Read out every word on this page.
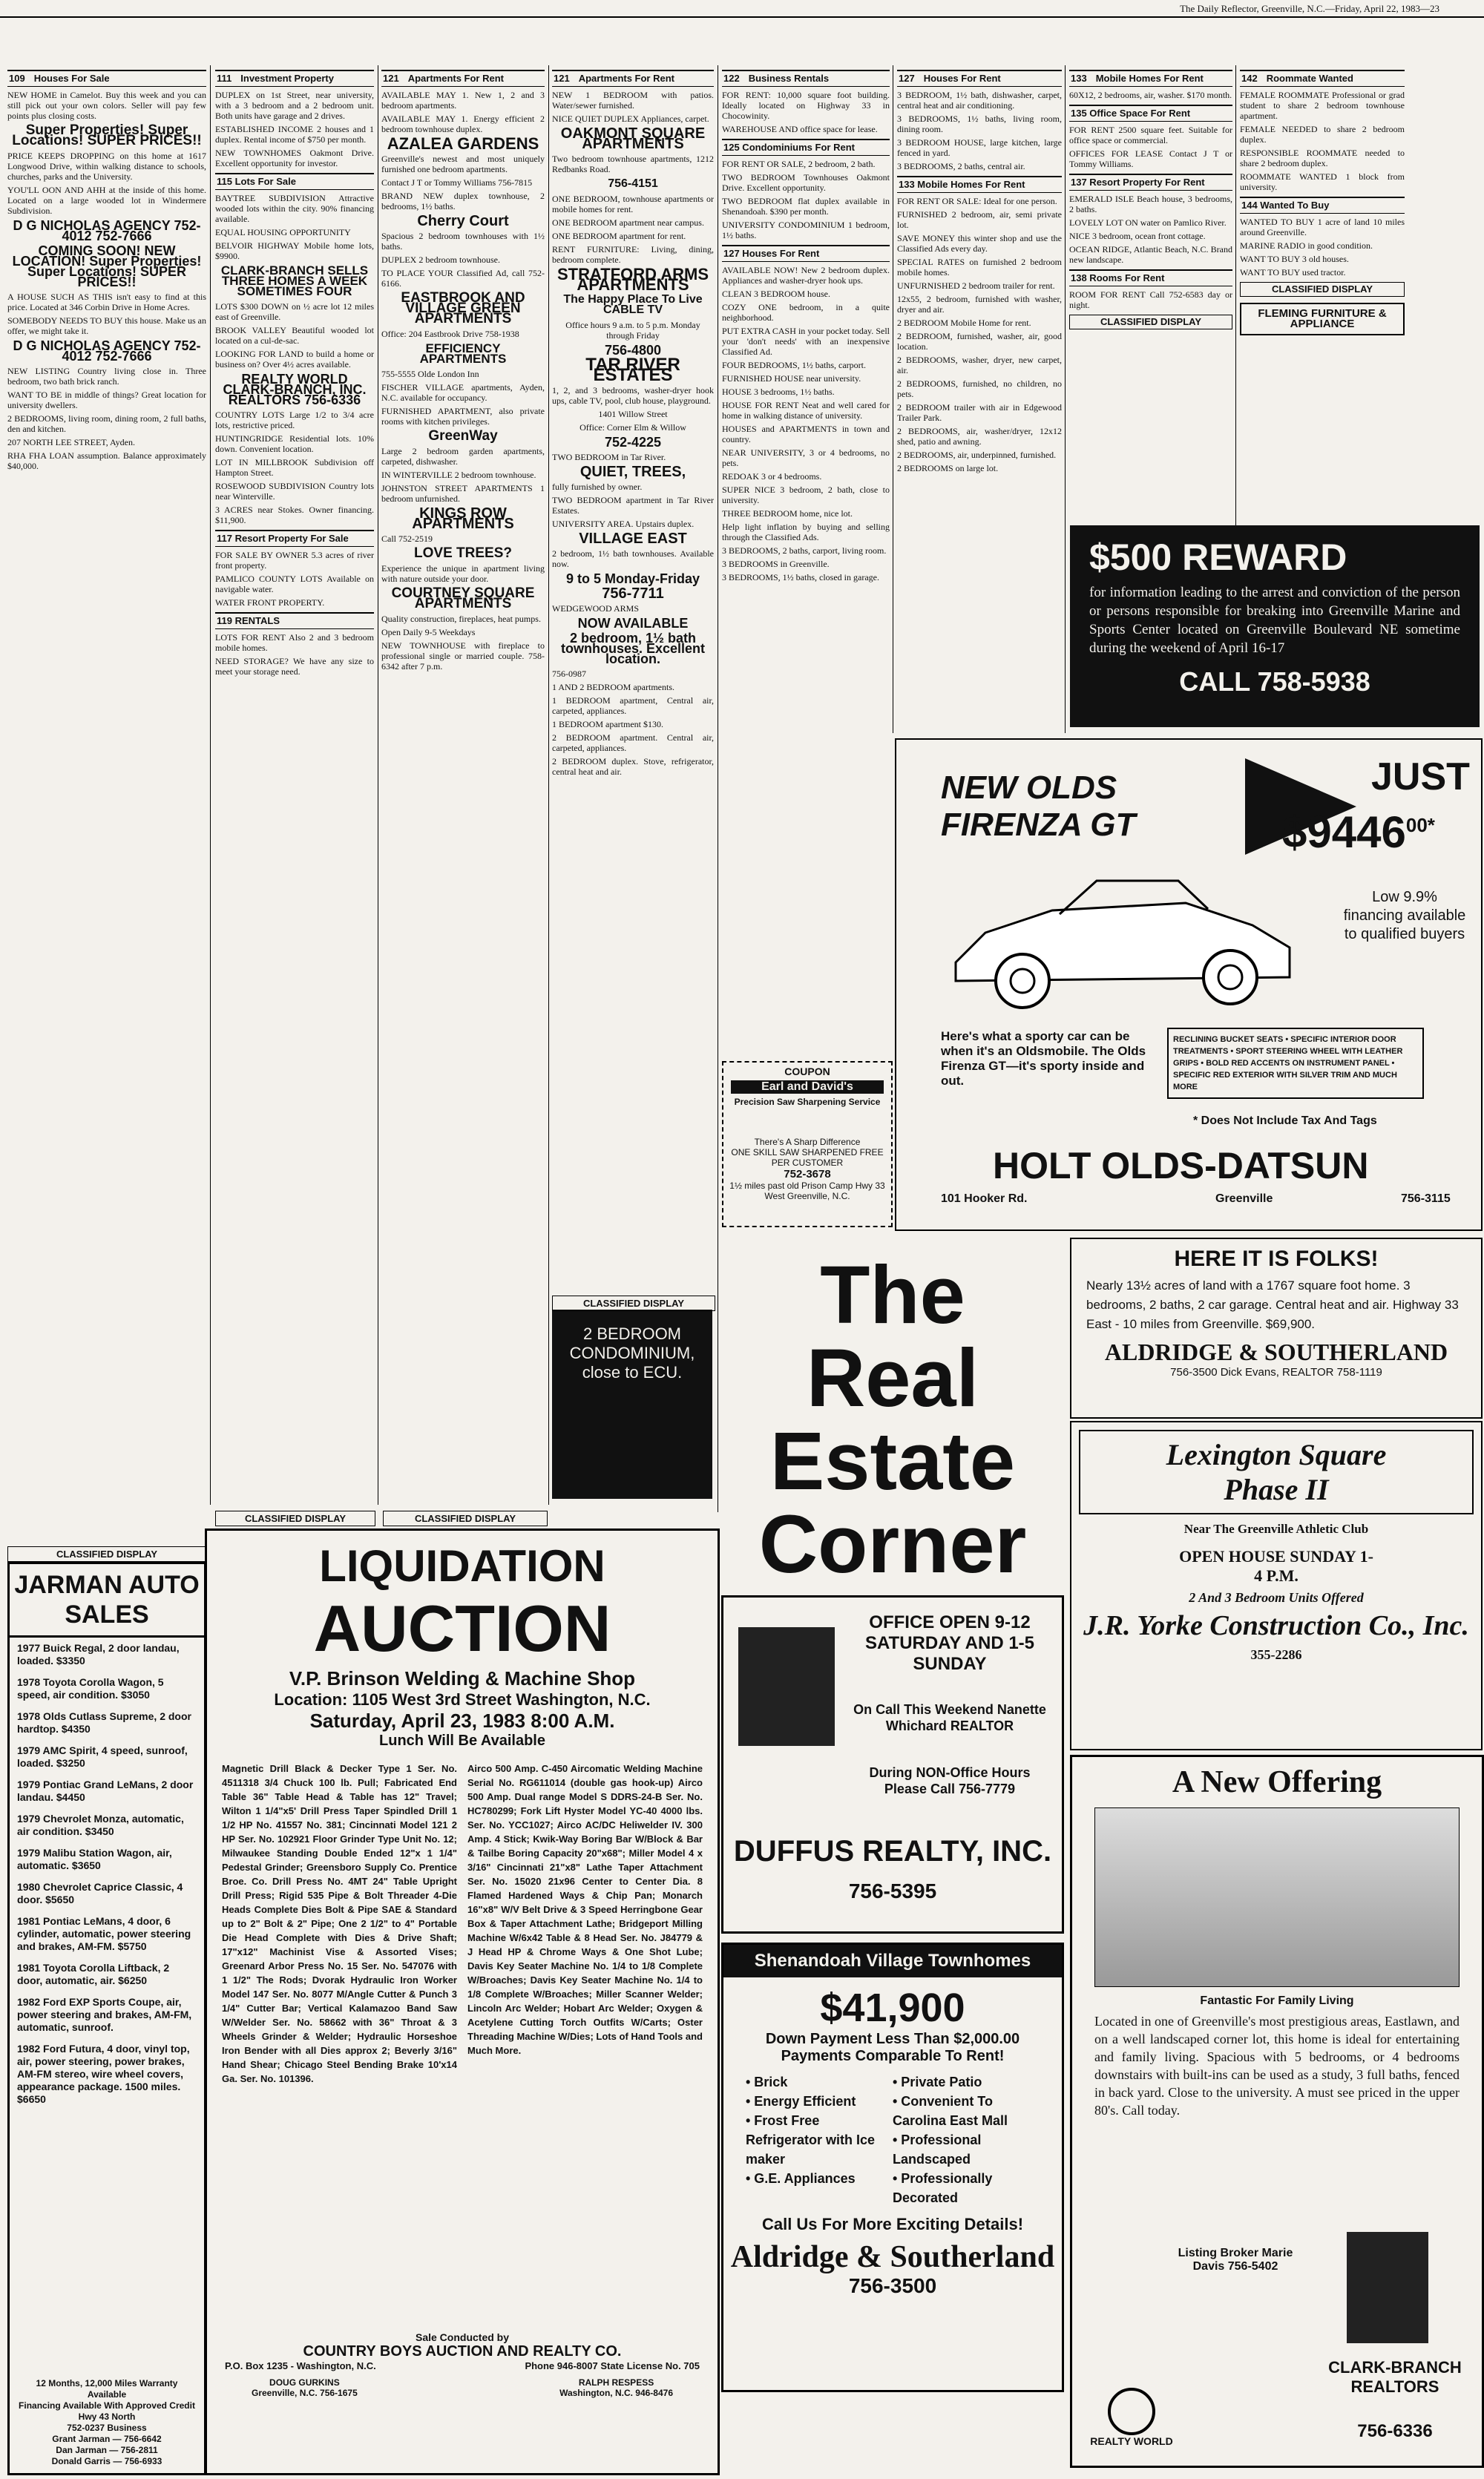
The Daily Reflector, Greenville, N.C.—Friday, April 22, 1983—23
109 Houses For Sale

NEW HOME in Camelot. Buy this week and you can still pick out your own colors. Seller will pay few points plus closing costs.

Super Properties! Super Locations! SUPER PRICES!!

PRICE KEEPS DROPPING on this home at 1617 Longwood Drive, within walking distance to schools, churches, parks and the University.

YOU'LL OON AND AHH at the inside of this home. Located on a large wooded lot in Windermere Subdivision.

D G NICHOLAS AGENCY 752-4012 752-7666

COMING SOON! NEW LOCATION! Super Properties! Super Locations! SUPER PRICES!!

A HOUSE SUCH AS THIS isn't easy to find at this price. Located at 346 Corbin Drive in Home Acres.

SOMEBODY NEEDS TO BUY this house. Make us an offer, we might take it.

D G NICHOLAS AGENCY 752-4012 752-7666

NEW LISTING Country living close in. Three bedroom, two bath brick ranch.

WANT TO BE in middle of things? Great location for university dwellers.

2 BEDROOMS, living room, dining room, 2 full baths, den and kitchen.

207 NORTH LEE STREET, Ayden.

RHA FHA LOAN assumption. Balance approximately $40,000.

111 Investment Property

DUPLEX on 1st Street, near university, with a 3 bedroom and a 2 bedroom unit. Both units have garage and 2 drives.

ESTABLISHED INCOME 2 houses and 1 duplex. Rental income of $750 per month.

NEW TOWNHOMES Oakmont Drive. Excellent opportunity for investor.

115 Lots For Sale

BAYTREE SUBDIVISION Attractive wooded lots within the city. 90% financing available.

EQUAL HOUSING OPPORTUNITY

BELVOIR HIGHWAY Mobile home lots, $9900.

CLARK-BRANCH SELLS THREE HOMES A WEEK SOMETIMES FOUR

LOTS $300 DOWN on ½ acre lot 12 miles east of Greenville.

BROOK VALLEY Beautiful wooded lot located on a cul-de-sac.

LOOKING FOR LAND to build a home or business on? Over 4½ acres available.

REALTY WORLD CLARK-BRANCH, INC. REALTORS 756-6336

COUNTRY LOTS Large 1/2 to 3/4 acre lots, restrictive priced.

HUNTINGRIDGE Residential lots. 10% down. Convenient location.

LOT IN MILLBROOK Subdivision off Hampton Street.

ROSEWOOD SUBDIVISION Country lots near Winterville.

3 ACRES near Stokes. Owner financing. $11,900.

117 Resort Property For Sale

FOR SALE BY OWNER 5.3 acres of river front property.

PAMLICO COUNTY LOTS Available on navigable water.

WATER FRONT PROPERTY.

119 RENTALS

LOTS FOR RENT Also 2 and 3 bedroom mobile homes.

NEED STORAGE? We have any size to meet your storage need.

121 Apartments For Rent

AVAILABLE MAY 1. New 1, 2 and 3 bedroom apartments.

AVAILABLE MAY 1. Energy efficient 2 bedroom townhouse duplex.

AZALEA GARDENS

Greenville's newest and most uniquely furnished one bedroom apartments.

Contact J T or Tommy Williams 756-7815

BRAND NEW duplex townhouse, 2 bedrooms, 1½ baths.

Cherry Court

Spacious 2 bedroom townhouses with 1½ baths.

DUPLEX 2 bedroom townhouse.

TO PLACE YOUR Classified Ad, call 752-6166.

EASTBROOK AND VILLAGE GREEN APARTMENTS

Office: 204 Eastbrook Drive 758-1938

EFFICIENCY APARTMENTS

755-5555 Olde London Inn

FISCHER VILLAGE apartments, Ayden, N.C. available for occupancy.

FURNISHED APARTMENT, also private rooms with kitchen privileges.

GreenWay

Large 2 bedroom garden apartments, carpeted, dishwasher.

IN WINTERVILLE 2 bedroom townhouse.

JOHNSTON STREET APARTMENTS 1 bedroom unfurnished.

KINGS ROW APARTMENTS

Call 752-2519

LOVE TREES?

Experience the unique in apartment living with nature outside your door.

COURTNEY SQUARE APARTMENTS

Quality construction, fireplaces, heat pumps.

Open Daily 9-5 Weekdays

NEW TOWNHOUSE with fireplace to professional single or married couple. 758-6342 after 7 p.m.

121 Apartments For Rent

NEW 1 BEDROOM with patios. Water/sewer furnished.

NICE QUIET DUPLEX Appliances, carpet.

OAKMONT SQUARE APARTMENTS

Two bedroom townhouse apartments, 1212 Redbanks Road.

756-4151

ONE BEDROOM, townhouse apartments or mobile homes for rent.

ONE BEDROOM apartment near campus.

ONE BEDROOM apartment for rent.

RENT FURNITURE: Living, dining, bedroom complete.

STRATFORD ARMS APARTMENTS

The Happy Place To Live CABLE TV

Office hours 9 a.m. to 5 p.m. Monday through Friday

756-4800

TAR RIVER ESTATES

1, 2, and 3 bedrooms, washer-dryer hook ups, cable TV, pool, club house, playground.

1401 Willow Street

Office: Corner Elm & Willow

752-4225

TWO BEDROOM in Tar River.

QUIET, TREES,

fully furnished by owner.

TWO BEDROOM apartment in Tar River Estates.

UNIVERSITY AREA. Upstairs duplex.

VILLAGE EAST

2 bedroom, 1½ bath townhouses. Available now.

9 to 5 Monday-Friday

756-7711

WEDGEWOOD ARMS

NOW AVAILABLE

2 bedroom, 1½ bath townhouses. Excellent location.

756-0987

1 AND 2 BEDROOM apartments.

1 BEDROOM apartment, Central air, carpeted, appliances.

1 BEDROOM apartment $130.

2 BEDROOM apartment. Central air, carpeted, appliances.

2 BEDROOM duplex. Stove, refrigerator, central heat and air.

2 BEDROOM CONDOMINIUM, close to ECU.
122 Business Rentals

FOR RENT: 10,000 square foot building. Ideally located on Highway 33 in Chocowinity.

WAREHOUSE AND office space for lease.

125 Condominiums For Rent

FOR RENT OR SALE, 2 bedroom, 2 bath.

TWO BEDROOM Townhouses Oakmont Drive. Excellent opportunity.

TWO BEDROOM flat duplex available in Shenandoah. $390 per month.

UNIVERSITY CONDOMINIUM 1 bedroom, 1½ baths.

127 Houses For Rent

AVAILABLE NOW! New 2 bedroom duplex. Appliances and washer-dryer hook ups.

CLEAN 3 BEDROOM house.

COZY ONE bedroom, in a quite neighborhood.

PUT EXTRA CASH in your pocket today. Sell your 'don't needs' with an inexpensive Classified Ad.

FOUR BEDROOMS, 1½ baths, carport.

FURNISHED HOUSE near university.

HOUSE 3 bedrooms, 1½ baths.

HOUSE FOR RENT Neat and well cared for home in walking distance of university.

HOUSES and APARTMENTS in town and country.

NEAR UNIVERSITY, 3 or 4 bedrooms, no pets.

REDOAK 3 or 4 bedrooms.

SUPER NICE 3 bedroom, 2 bath, close to university.

THREE BEDROOM home, nice lot.

Help light inflation by buying and selling through the Classified Ads.

3 BEDROOMS, 2 baths, carport, living room.

3 BEDROOMS in Greenville.

3 BEDROOMS, 1½ baths, closed in garage.

127 Houses For Rent

3 BEDROOM, 1½ bath, dishwasher, carpet, central heat and air conditioning.

3 BEDROOMS, 1½ baths, living room, dining room.

3 BEDROOM HOUSE, large kitchen, large fenced in yard.

3 BEDROOMS, 2 baths, central air.

133 Mobile Homes For Rent

FOR RENT OR SALE: Ideal for one person.

FURNISHED 2 bedroom, air, semi private lot.

SAVE MONEY this winter shop and use the Classified Ads every day.

SPECIAL RATES on furnished 2 bedroom mobile homes.

UNFURNISHED 2 bedroom trailer for rent.

12x55, 2 bedroom, furnished with washer, dryer and air.

2 BEDROOM Mobile Home for rent.

2 BEDROOM, furnished, washer, air, good location.

2 BEDROOMS, washer, dryer, new carpet, air.

2 BEDROOMS, furnished, no children, no pets.

2 BEDROOM trailer with air in Edgewood Trailer Park.

2 BEDROOMS, air, washer/dryer, 12x12 shed, patio and awning.

2 BEDROOMS, air, underpinned, furnished.

2 BEDROOMS on large lot.

133 Mobile Homes For Rent

60X12, 2 bedrooms, air, washer. $170 month.

135 Office Space For Rent

FOR RENT 2500 square feet. Suitable for office space or commercial.

OFFICES FOR LEASE Contact J T or Tommy Williams.

137 Resort Property For Rent

EMERALD ISLE Beach house, 3 bedrooms, 2 baths.

LOVELY LOT ON water on Pamlico River.

NICE 3 bedroom, ocean front cottage.

OCEAN RIDGE, Atlantic Beach, N.C. Brand new landscape.

138 Rooms For Rent

ROOM FOR RENT Call 752-6583 day or night.

CLASSIFIED DISPLAY
142 Roommate Wanted

FEMALE ROOMMATE Professional or grad student to share 2 bedroom townhouse apartment.

FEMALE NEEDED to share 2 bedroom duplex.

RESPONSIBLE ROOMMATE needed to share 2 bedroom duplex.

ROOMMATE WANTED 1 block from university.

144 Wanted To Buy

WANTED TO BUY 1 acre of land 10 miles around Greenville.

MARINE RADIO in good condition.

WANT TO BUY 3 old houses.

WANT TO BUY used tractor.

CLASSIFIED DISPLAY
FLEMING FURNITURE & APPLIANCE
$500 REWARD
for information leading to the arrest and conviction of the person or persons responsible for breaking into Greenville Marine and Sports Center located on Greenville Boulevard NE sometime during the weekend of April 16-17
CALL 758-5938
NEW OLDS FIRENZA GT
JUST
$\$9446^{00*}$
Low 9.9% financing available to qualified buyers
Here's what a sporty car can be when it's an Oldsmobile. The Olds Firenza GT—it's sporty inside and out.
RECLINING BUCKET SEATS • SPECIFIC INTERIOR DOOR TREATMENTS • SPORT STEERING WHEEL WITH LEATHER GRIPS • BOLD RED ACCENTS ON INSTRUMENT PANEL • SPECIFIC RED EXTERIOR WITH SILVER TRIM AND MUCH MORE
* Does Not Include Tax And Tags
HOLT OLDS-DATSUN
101 Hooker Rd.	Greenville	756-3115
COUPON
Earl and David's
Precision Saw Sharpening Service
There's A Sharp Difference
ONE SKILL SAW SHARPENED FREE PER CUSTOMER
752-3678
1½ miles past old Prison Camp Hwy 33 West Greenville, N.C.
JARMAN AUTO SALES
1977 Buick Regal, 2 door landau, loaded. $3350
1978 Toyota Corolla Wagon, 5 speed, air condition. $3050
1978 Olds Cutlass Supreme, 2 door hardtop. $4350
1979 AMC Spirit, 4 speed, sunroof, loaded. $3250
1979 Pontiac Grand LeMans, 2 door landau. $4450
1979 Chevrolet Monza, automatic, air condition. $3450
1979 Malibu Station Wagon, air, automatic. $3650
1980 Chevrolet Caprice Classic, 4 door. $5650
1981 Pontiac LeMans, 4 door, 6 cylinder, automatic, power steering and brakes, AM-FM. $5750
1981 Toyota Corolla Liftback, 2 door, automatic, air. $6250
1982 Ford EXP Sports Coupe, air, power steering and brakes, AM-FM, automatic, sunroof.
1982 Ford Futura, 4 door, vinyl top, air, power steering, power brakes, AM-FM stereo, wire wheel covers, appearance package. 1500 miles. $6650
12 Months, 12,000 Miles Warranty Available
Financing Available With Approved Credit
Hwy 43 North
752-0237 Business
Grant Jarman — 756-6642
Dan Jarman — 756-2811
Donald Garris — 756-6933
LIQUIDATION
AUCTION
V.P. Brinson Welding & Machine Shop
Location: 1105 West 3rd Street Washington, N.C.
Saturday, April 23, 1983 8:00 A.M.
Lunch Will Be Available
Magnetic Drill Black & Decker Type 1 Ser. No. 4511318 3/4 Chuck 100 lb. Pull; Fabricated End Table 36" Table Head & Table has 12" Travel; Wilton 1 1/4"x5' Drill Press Taper Spindled Drill 1 1/2 HP No. 41557 No. 381; Cincinnati Model 121 2 HP Ser. No. 102921 Floor Grinder Type Unit No. 12; Milwaukee Standing Double Ended 12"x 1 1/4" Pedestal Grinder; Greensboro Supply Co. Prentice Broe. Co. Drill Press No. 4MT 24" Table Upright Drill Press; Rigid 535 Pipe & Bolt Threader 4-Die Heads Complete Dies Bolt & Pipe SAE & Standard up to 2" Bolt & 2" Pipe; One 2 1/2" to 4" Portable Die Head Complete with Dies & Drive Shaft; 17"x12" Machinist Vise & Assorted Vises; Greenard Arbor Press No. 15 Ser. No. 547076 with 1 1/2" The Rods; Dvorak Hydraulic Iron Worker Model 147 Ser. No. 8077 M/Angle Cutter & Punch 3 1/4" Cutter Bar; Vertical Kalamazoo Band Saw W/Welder Ser. No. 58662 with 36" Throat & 3 Wheels Grinder & Welder; Hydraulic Horseshoe Iron Bender with all Dies approx 2; Beverly 3/16" Hand Shear; Chicago Steel Bending Brake 10'x14 Ga. Ser. No. 101396.
Airco 500 Amp. C-450 Aircomatic Welding Machine Serial No. RG611014 (double gas hook-up) Airco 500 Amp. Dual range Model S DDRS-24-B Ser. No. HC780299; Fork Lift Hyster Model YC-40 4000 lbs. Ser. No. YCC1027; Airco AC/DC Heliwelder IV. 300 Amp. 4 Stick; Kwik-Way Boring Bar W/Block & Bar & Tailbe Boring Capacity 20"x68"; Miller Model 4 x 3/16" Cincinnati 21"x8" Lathe Taper Attachment Ser. No. 15020 21x96 Center to Center Dia. 8 Flamed Hardened Ways & Chip Pan; Monarch 16"x8" W/V Belt Drive & 3 Speed Herringbone Gear Box & Taper Attachment Lathe; Bridgeport Milling Machine W/6x42 Table & 8 Head Ser. No. J84779 & J Head HP & Chrome Ways & One Shot Lube; Davis Key Seater Machine No. 1/4 to 1/8 Complete W/Broaches; Davis Key Seater Machine No. 1/4 to 1/8 Complete W/Broaches; Miller Scanner Welder; Lincoln Arc Welder; Hobart Arc Welder; Oxygen & Acetylene Cutting Torch Outfits W/Carts; Oster Threading Machine W/Dies; Lots of Hand Tools and Much More.
Sale Conducted by
COUNTRY BOYS AUCTION AND REALTY CO.
P.O. Box 1235 - Washington, N.C.	Phone 946-8007 State License No. 705
DOUG GURKINS
Greenville, N.C. 756-1675
RALPH RESPESS
Washington, N.C. 946-8476
The
Real
Estate
Corner
OFFICE OPEN 9-12 SATURDAY AND 1-5 SUNDAY
On Call This Weekend Nanette Whichard REALTOR
During NON-Office Hours Please Call 756-7779
DUFFUS REALTY, INC.
756-5395
Shenandoah Village Townhomes
$41,900
Down Payment Less Than $2,000.00 Payments Comparable To Rent!
• Brick
• Energy Efficient
• Frost Free
Refrigerator with Ice maker
• G.E. Appliances
• Private Patio
• Convenient To Carolina East Mall
• Professional Landscaped
• Professionally Decorated
Call Us For More Exciting Details!
Aldridge & Southerland
756-3500
HERE IT IS FOLKS!
Nearly 13½ acres of land with a 1767 square foot home. 3 bedrooms, 2 baths, 2 car garage. Central heat and air. Highway 33 East - 10 miles from Greenville. $69,900.
ALDRIDGE & SOUTHERLAND
756-3500 Dick Evans, REALTOR 758-1119
Lexington Square
Phase II
Near The Greenville Athletic Club
OPEN HOUSE SUNDAY 1-4 P.M.
2 And 3 Bedroom Units Offered
J.R. Yorke Construction Co., Inc.
355-2286
A New Offering
Fantastic For Family Living
Located in one of Greenville's most prestigious areas, Eastlawn, and on a well landscaped corner lot, this home is ideal for entertaining and family living. Spacious with 5 bedrooms, or 4 bedrooms downstairs with built-ins can be used as a study, 3 full baths, fenced in back yard. Close to the university. A must see priced in the upper 80's. Call today.
Listing Broker Marie Davis 756-5402
CLARK-BRANCH REALTORS
756-6336
REALTY WORLD
CLASSIFIED DISPLAY
CLASSIFIED DISPLAY	CLASSIFIED DISPLAY
CLASSIFIED DISPLAY
